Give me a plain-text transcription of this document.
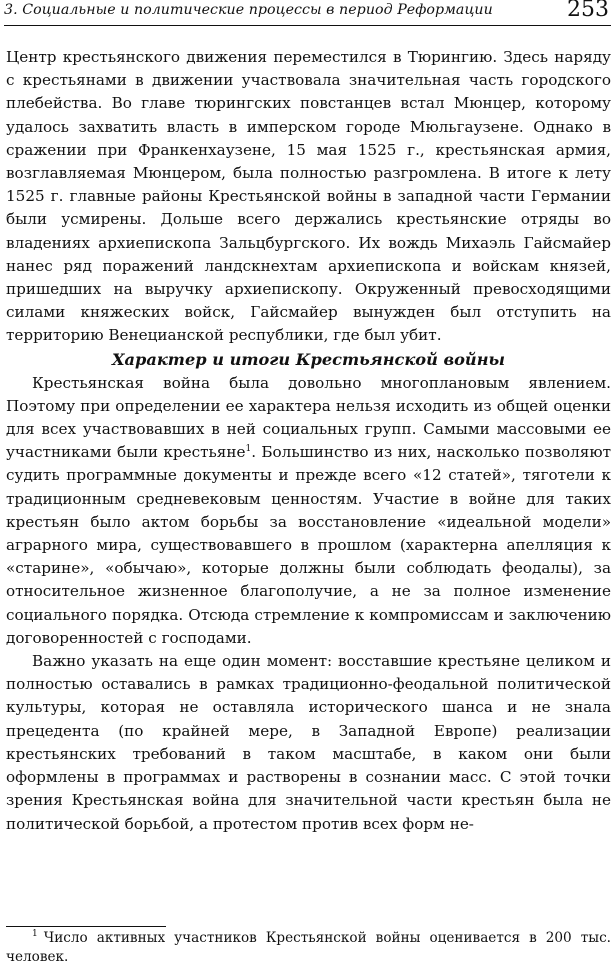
3. Социальные и политические процессы в период Реформации	253

Центр крестьянского движения переместился в Тюрингию. Здесь наряду с крестьянами в движении участвовала значительная часть городского плебейства. Во главе тюрингских повстанцев встал Мюнцер, которому удалось захватить власть в имперском городе Мюльгаузене. Однако в сражении при Франкенхаузене, 15 мая 1525 г., крестьянская армия, возглавляемая Мюнцером, была полностью разгромлена. В итоге к лету 1525 г. главные районы Крестьянской войны в западной части Германии были усмирены. Дольше всего держались крестьянские отряды во владениях архиепископа Зальцбургского. Их вождь Михаэль Гайсмайер нанес ряд поражений ландскнехтам архиепископа и войскам князей, пришедших на выручку архиепископу. Окруженный превосходящими силами княжеских войск, Гайсмайер вынужден был отступить на территорию Венецианской республики, где был убит.

Характер и итоги Крестьянской войны

Крестьянская война была довольно многоплановым явлением. Поэтому при определении ее характера нельзя исходить из общей оценки для всех участвовавших в ней социальных групп. Самыми массовыми ее участниками были крестьяне$^1$. Большинство из них, насколько позволяют судить программные документы и прежде всего «12 статей», тяготели к традиционным средневековым ценностям. Участие в войне для таких крестьян было актом борьбы за восстановление «идеальной модели» аграрного мира, существовавшего в прошлом (характерна апелляция к «старине», «обычаю», которые должны были соблюдать феодалы), за относительное жизненное благополучие, а не за полное изменение социального порядка. Отсюда стремление к компромиссам и заключению договоренностей с господами.

Важно указать на еще один момент: восставшие крестьяне целиком и полностью оставались в рамках традиционно-феодальной политической культуры, которая не оставляла исторического шанса и не знала прецедента (по крайней мере, в Западной Европе) реализации крестьянских требований в таком масштабе, в каком они были оформлены в программах и растворены в сознании масс. С этой точки зрения Крестьянская война для значительной части крестьян была не политической борьбой, а протестом против всех форм не-

$^1$ Число активных участников Крестьянской войны оценивается в 200 тыс. человек.
